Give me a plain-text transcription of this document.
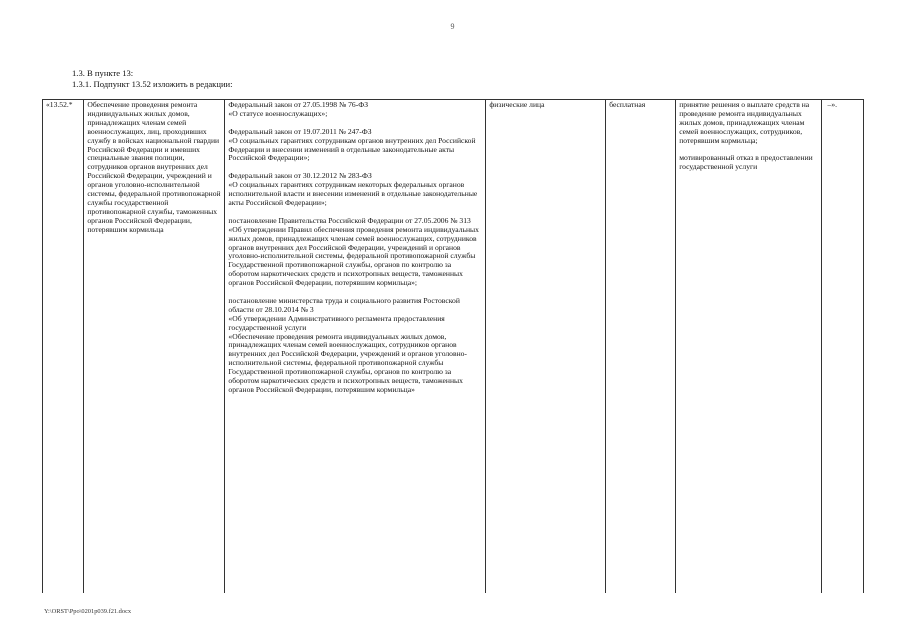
9
1.3. В пункте 13:
1.3.1. Подпункт 13.52 изложить в редакции:
«13.52.*	Обеспечение проведения ремонта индивидуальных жилых домов, принадлежащих членам семей военнослужащих, лиц, проходивших службу в войсках национальной гвардии Российской Федерации и имевших специальные звания полиции, сотрудников органов внутренних дел Российской Федерации, учреждений и органов уголовно-исполнительной системы, федеральной противопожарной службы государственной противопожарной службы, таможенных органов Российской Федерации, потерявшим кормильца	Федеральный закон от 27.05.1998 № 76-ФЗ
«О статусе военнослужащих»;

Федеральный закон от 19.07.2011 № 247-ФЗ
«О социальных гарантиях сотрудникам органов внутренних дел Российской Федерации и внесении изменений в отдельные законодательные акты Российской Федерации»;

Федеральный закон от 30.12.2012 № 283-ФЗ
«О социальных гарантиях сотрудникам некоторых федеральных органов исполнительной власти и внесении изменений в отдельные законодательные акты Российской Федерации»;

постановление Правительства Российской Федерации от 27.05.2006 № 313 «Об утверждении Правил обеспечения проведения ремонта индивидуальных жилых домов, принадлежащих членам семей военнослужащих, сотрудников органов внутренних дел Российской Федерации, учреждений и органов уголовно-исполнительной системы, федеральной противопожарной службы Государственной противопожарной службы, органов по контролю за оборотом наркотических средств и психотропных веществ, таможенных органов Российской Федерации, потерявшим кормильца»;

постановление министерства труда и социального развития Ростовской области от 28.10.2014 № 3
«Об утверждении Административного регламента предоставления государственной услуги
«Обеспечение проведения ремонта индивидуальных жилых домов, принадлежащих членам семей военнослужащих, сотрудников органов внутренних дел Российской Федерации, учреждений и органов уголовно-исполнительной системы, федеральной противопожарной службы Государственной противопожарной службы, органов по контролю за оборотом наркотических средств и психотропных веществ, таможенных органов Российской Федерации, потерявшим кормильца»	физические лица	бесплатная	принятие решения о выплате средств на проведение ремонта индивидуальных жилых домов, принадлежащих членам семей военнослужащих, сотрудников, потерявшим кормильца;

мотивированный отказ в предоставлении государственной услуги	–».
Y:\ORST\Ppo\0201p039.f21.docx
